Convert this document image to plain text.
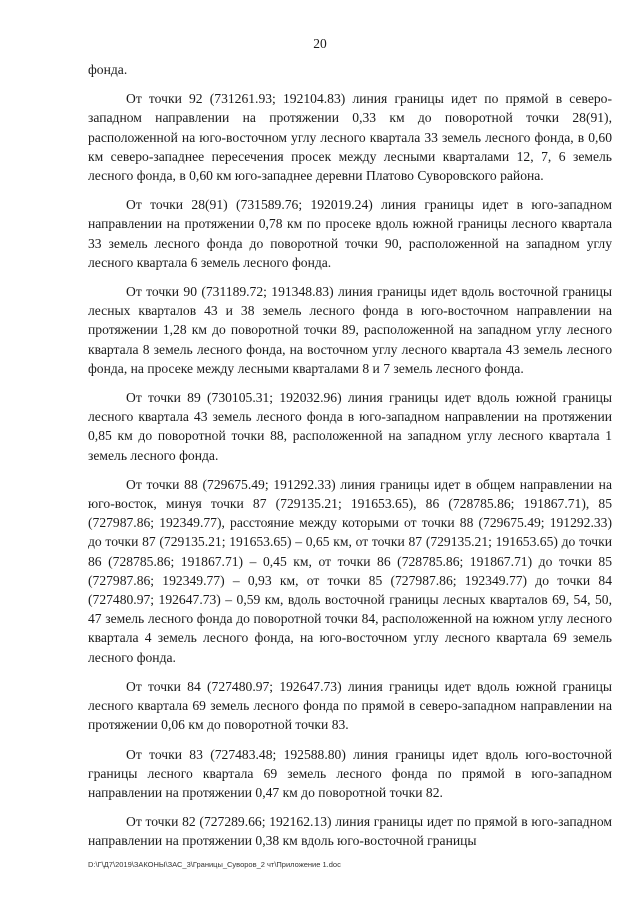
20

фонда.

От точки 92 (731261.93; 192104.83) линия границы идет по прямой в северо-западном направлении на протяжении 0,33 км до поворотной точки 28(91), расположенной на юго-восточном углу лесного квартала 33 земель лесного фонда, в 0,60 км северо-западнее пересечения просек между лесными кварталами 12, 7, 6 земель лесного фонда, в 0,60 км юго-западнее деревни Платово Суворовского района.

От точки 28(91) (731589.76; 192019.24) линия границы идет в юго-западном направлении на протяжении 0,78 км по просеке вдоль южной границы лесного квартала 33 земель лесного фонда до поворотной точки 90, расположенной на западном углу лесного квартала 6 земель лесного фонда.

От точки 90 (731189.72; 191348.83) линия границы идет вдоль восточной границы лесных кварталов 43 и 38 земель лесного фонда в юго-восточном направлении на протяжении 1,28 км до поворотной точки 89, расположенной на западном углу лесного квартала 8 земель лесного фонда, на восточном углу лесного квартала 43 земель лесного фонда, на просеке между лесными кварталами 8 и 7 земель лесного фонда.

От точки 89 (730105.31; 192032.96) линия границы идет вдоль южной границы лесного квартала 43 земель лесного фонда в юго-западном направлении на протяжении 0,85 км до поворотной точки 88, расположенной на западном углу лесного квартала 1 земель лесного фонда.

От точки 88 (729675.49; 191292.33) линия границы идет в общем направлении на юго-восток, минуя точки 87 (729135.21; 191653.65), 86 (728785.86; 191867.71), 85 (727987.86; 192349.77), расстояние между которыми от точки 88 (729675.49; 191292.33) до точки 87 (729135.21; 191653.65) – 0,65 км, от точки 87 (729135.21; 191653.65) до точки 86 (728785.86; 191867.71) – 0,45 км, от точки 86 (728785.86; 191867.71) до точки 85 (727987.86; 192349.77) – 0,93 км, от точки 85 (727987.86; 192349.77) до точки 84 (727480.97; 192647.73) – 0,59 км, вдоль восточной границы лесных кварталов 69, 54, 50, 47 земель лесного фонда до поворотной точки 84, расположенной на южном углу лесного квартала 4 земель лесного фонда, на юго-восточном углу лесного квартала 69 земель лесного фонда.

От точки 84 (727480.97; 192647.73) линия границы идет вдоль южной границы лесного квартала 69 земель лесного фонда по прямой в северо-западном направлении на протяжении 0,06 км до поворотной точки 83.

От точки 83 (727483.48; 192588.80) линия границы идет вдоль юго-восточной границы лесного квартала 69 земель лесного фонда по прямой в юго-западном направлении на протяжении 0,47 км до поворотной точки 82.

От точки 82 (727289.66; 192162.13) линия границы идет по прямой в юго-западном направлении на протяжении 0,38 км вдоль юго-восточной границы

D:\Г\Д7\2019\ЗАКОНЫ\ЗАС_3\Границы_Суворов_2 чт\Приложение 1.doc
